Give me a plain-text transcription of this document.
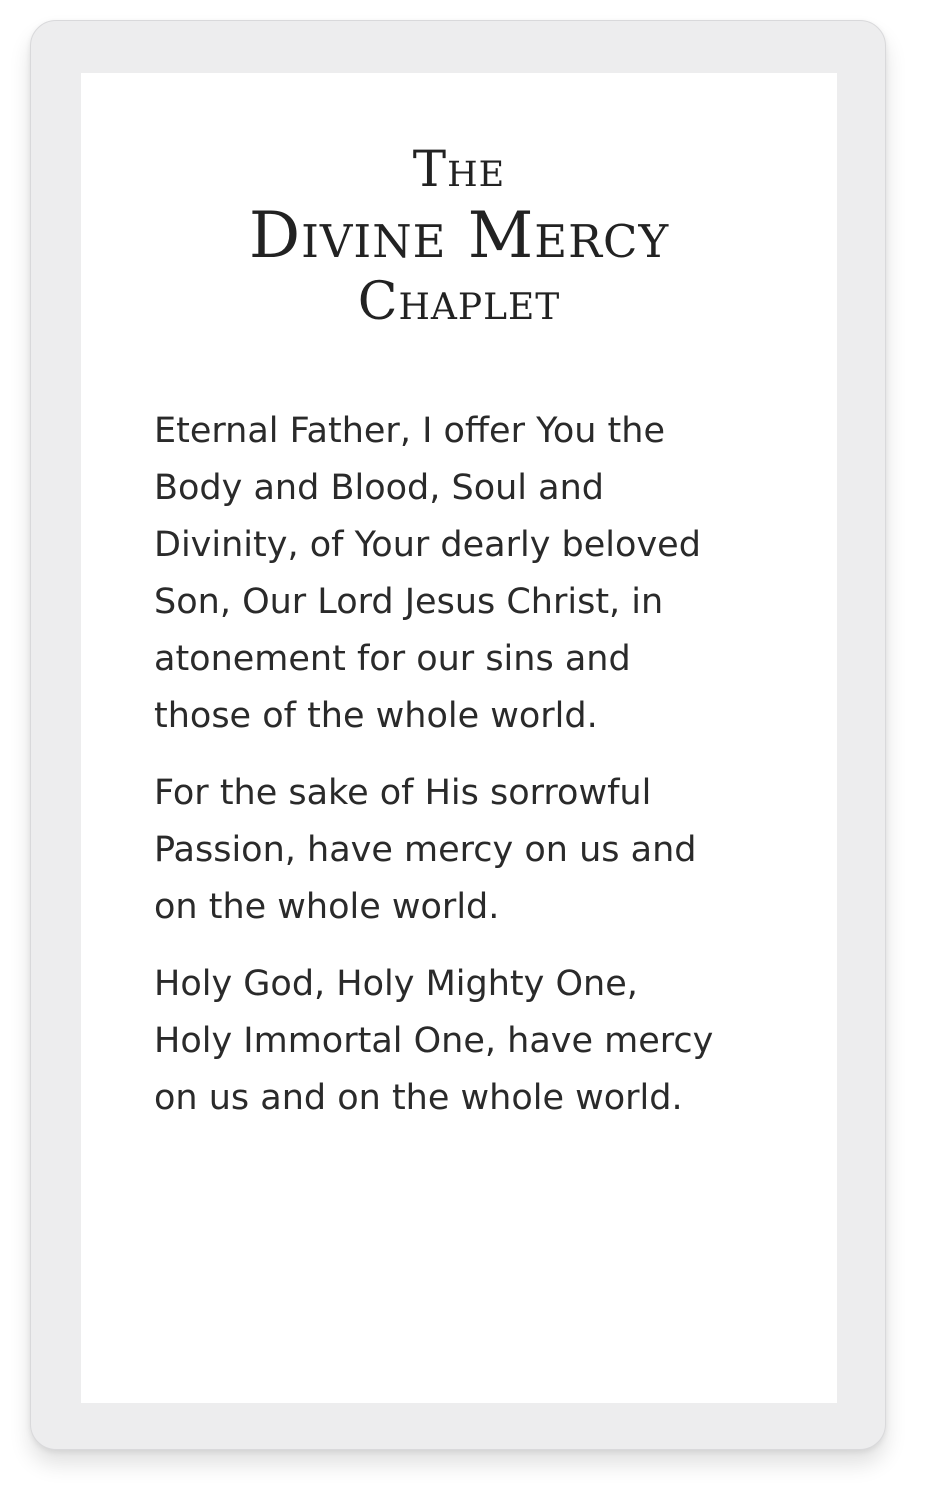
The
Divine Mercy
Chaplet
Eternal Father, I offer You the
Body and Blood, Soul and
Divinity, of Your dearly beloved
Son, Our Lord Jesus Christ, in
atonement for our sins and
those of the whole world.
For the sake of His sorrowful
Passion, have mercy on us and
on the whole world.
Holy God, Holy Mighty One,
Holy Immortal One, have mercy
on us and on the whole world.
